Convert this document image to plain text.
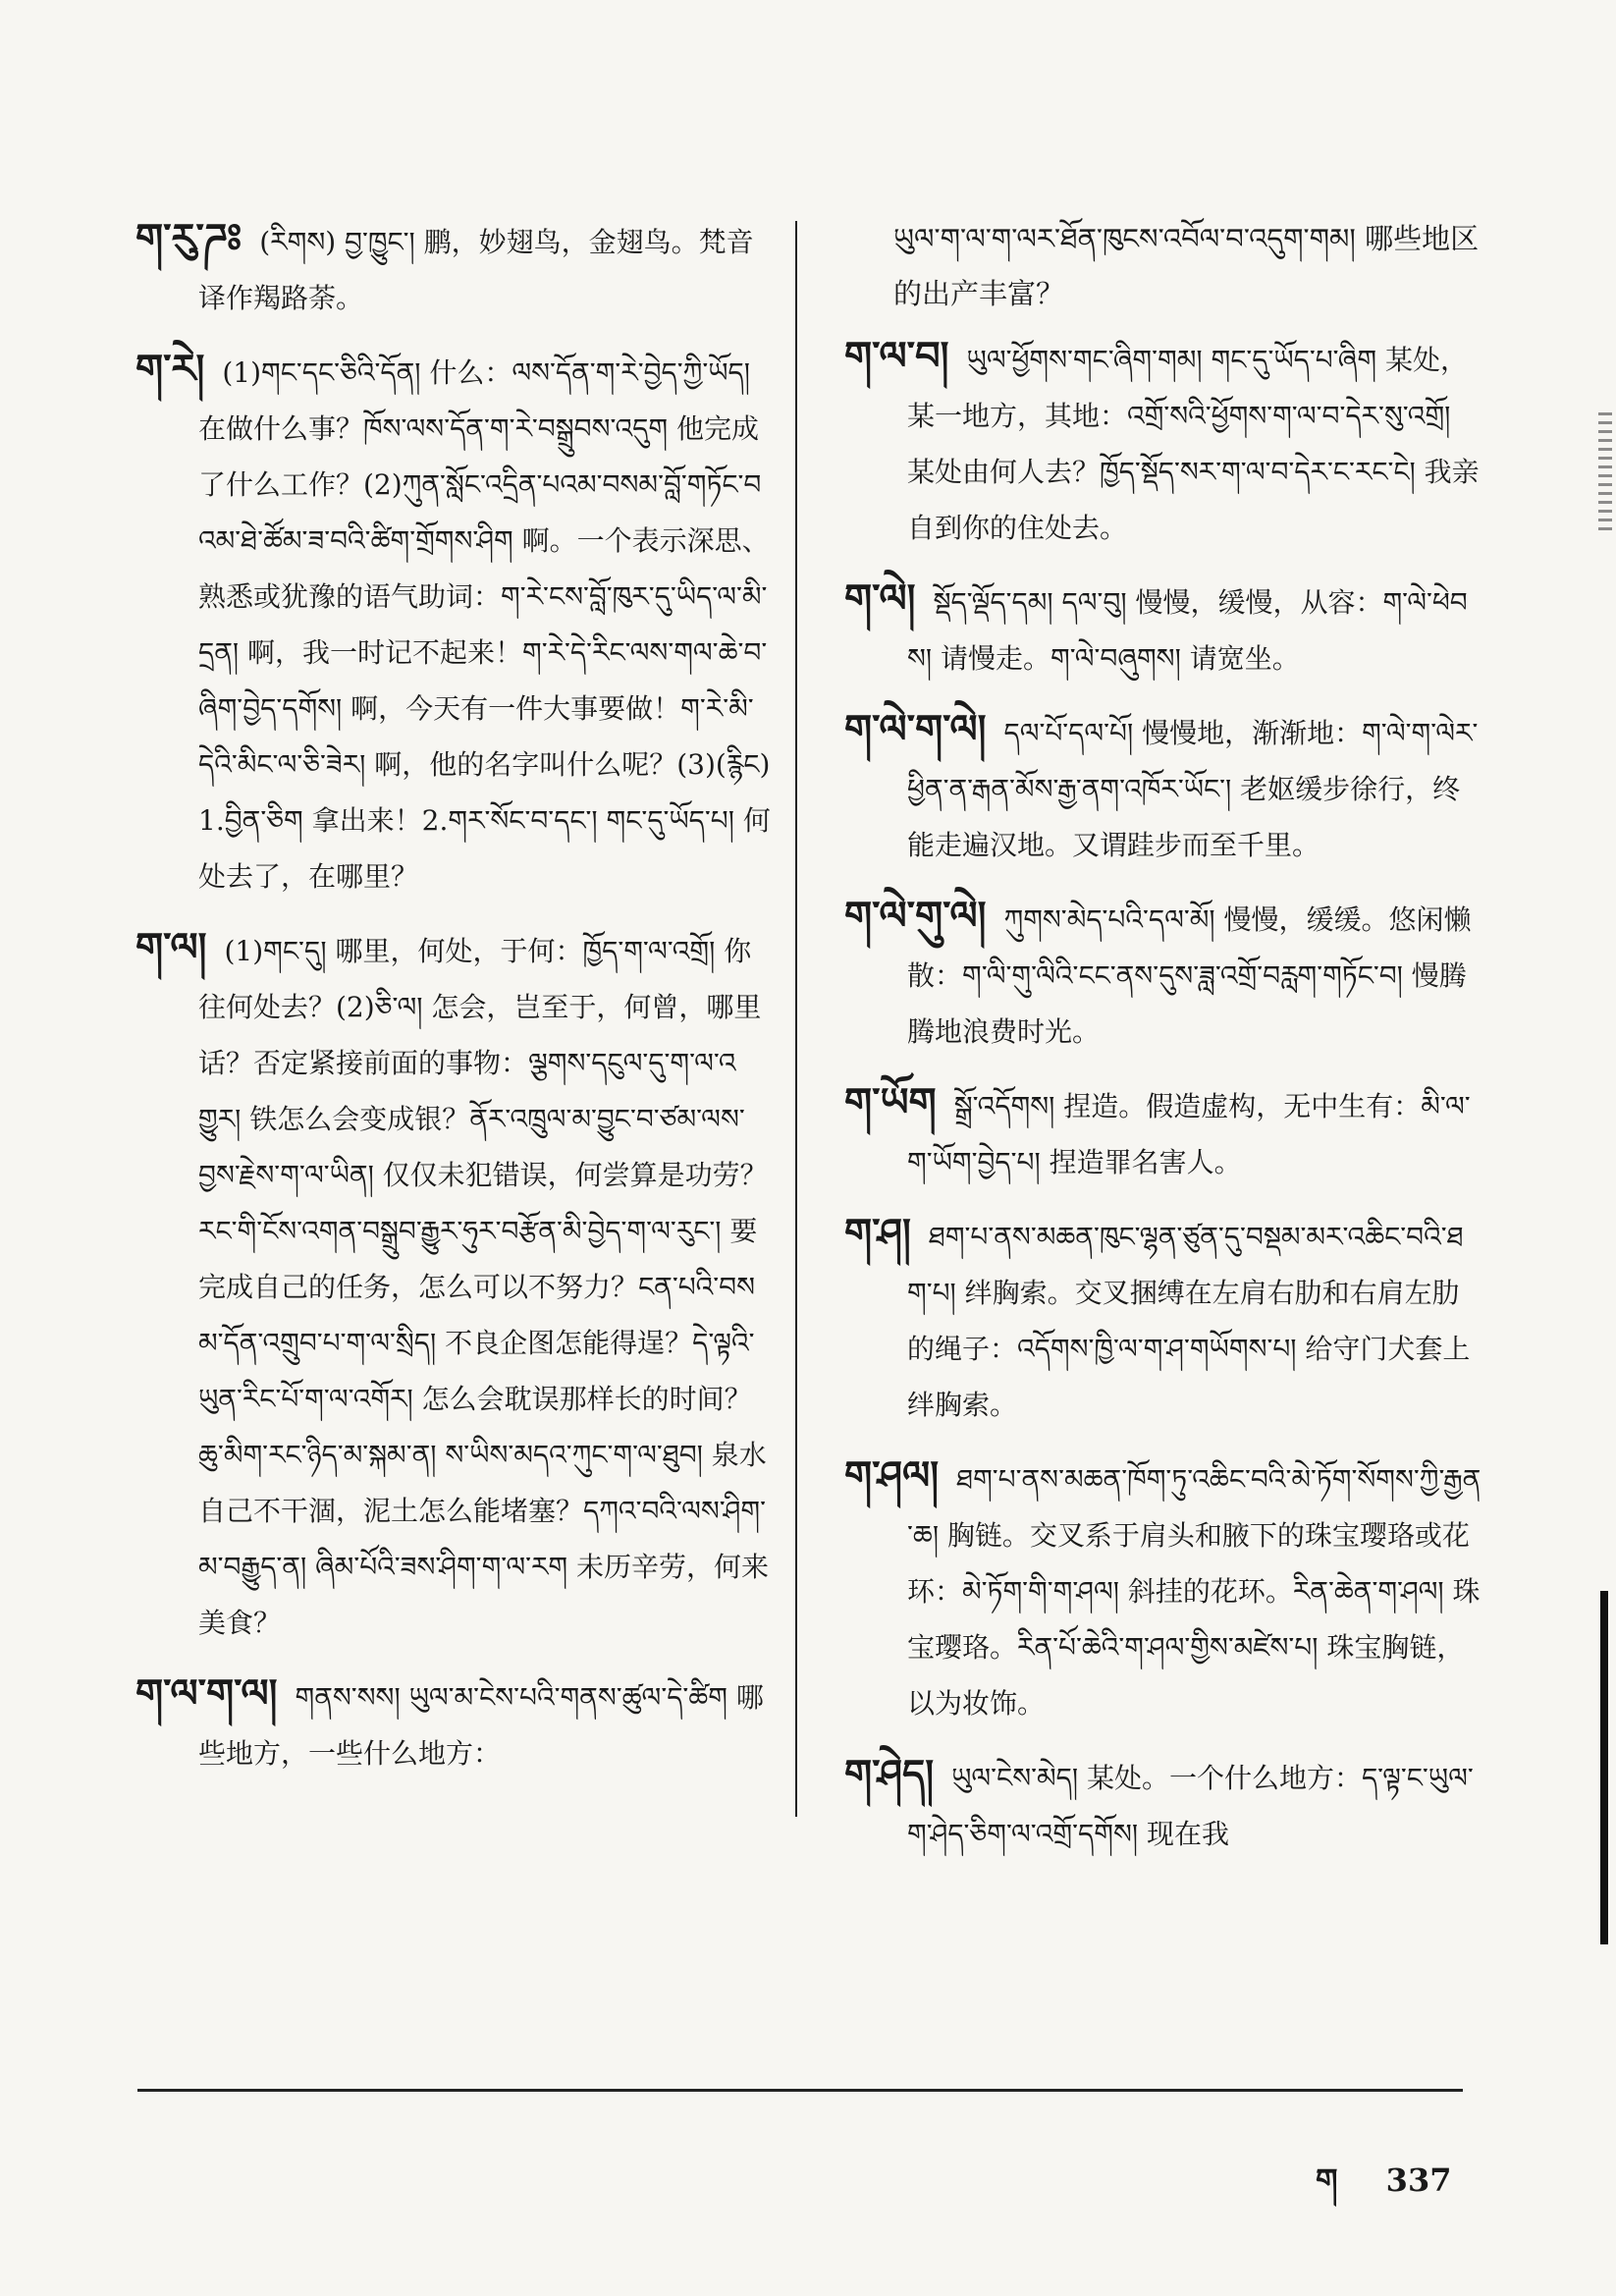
ག་རུ་ཌཿ (རིགས) བྱ་ཁྱུང་། 鹏，妙翅鸟，金翅鸟。梵音译作羯路荼。

ག་རེ། (1)གང་དང་ཅིའི་དོན། 什么：ལས་དོན་ག་རེ་བྱེད་ཀྱི་ཡོད། 在做什么事？ཁོས་ལས་དོན་ག་རེ་བསྒྲུབས་འདུག 他完成了什么工作？(2)ཀུན་སློང་འདྲིན་པའམ་བསམ་བློ་གཏོང་བའམ་ཐེ་ཚོམ་ཟ་བའི་ཚིག་གྲོགས་ཤིག 啊。一个表示深思、熟悉或犹豫的语气助词：ག་རེ་ངས་བློ་ཁུར་དུ་ཡིད་ལ་མི་དྲན། 啊，我一时记不起来！ག་རེ་དེ་རིང་ལས་གལ་ཆེ་བ་ཞིག་བྱེད་དགོས། 啊，今天有一件大事要做！ག་རེ་མི་དེའི་མིང་ལ་ཅི་ཟེར། 啊，他的名字叫什么呢？(3)(རྙིང) 1.བྱིན་ཅིག 拿出来！2.གར་སོང་བ་དང་། གང་དུ་ཡོད་པ། 何处去了，在哪里？

ག་ལ། (1)གང་དུ། 哪里，何处，于何：ཁྱོད་ག་ལ་འགྲོ། 你往何处去？(2)ཅི་ལ། 怎会，岂至于，何曾，哪里话？否定紧接前面的事物：ལྕགས་དངུལ་དུ་ག་ལ་འགྱུར། 铁怎么会变成银？ནོར་འཁྲུལ་མ་བྱུང་བ་ཙམ་ལས་བྱས་རྗེས་ག་ལ་ཡིན། 仅仅未犯错误，何尝算是功劳？རང་གི་ངོས་འགན་བསྒྲུབ་རྒྱུར་ཧུར་བརྩོན་མི་བྱེད་ག་ལ་རུང་། 要完成自己的任务，怎么可以不努力？ངན་པའི་བསམ་དོན་འགྲུབ་པ་ག་ལ་སྲིད། 不良企图怎能得逞？དེ་ལྟའི་ཡུན་རིང་པོ་ག་ལ་འགོར། 怎么会耽误那样长的时间？ཆུ་མིག་རང་ཉིད་མ་སྐམ་ན། ས་ཡིས་མདའ་ཀུང་ག་ལ་ཐུབ། 泉水自己不干涸，泥土怎么能堵塞？དཀའ་བའི་ལས་ཤིག་མ་བརྒྱུད་ན། ཞིམ་པོའི་ཟས་ཤིག་ག་ལ་རག 未历辛劳，何来美食？

ག་ལ་ག་ལ། གནས་སས། ཡུལ་མ་ངེས་པའི་གནས་ཚུལ་དེ་ཚིག 哪些地方，一些什么地方：

ཡུལ་ག་ལ་ག་ལར་ཐོན་ཁུངས་འབོལ་བ་འདུག་གམ། 哪些地区的出产丰富？

ག་ལ་བ། ཡུལ་ཕྱོགས་གང་ཞིག་གམ། གང་དུ་ཡོད་པ་ཞིག 某处，某一地方，其地：འགྲོ་སའི་ཕྱོགས་ག་ལ་བ་དེར་སུ་འགྲོ། 某处由何人去？ཁྱོད་སྡོད་སར་ག་ལ་བ་དེར་ང་རང་ངེ། 我亲自到你的住处去。

ག་ལེ། སྡོད་ལྡོད་དམ། དལ་བུ། 慢慢，缓慢，从容：ག་ལེ་ཕེབས། 请慢走。ག་ལེ་བཞུགས། 请宽坐。

ག་ལེ་ག་ལེ། དལ་པོ་དལ་པོ། 慢慢地，渐渐地：ག་ལེ་ག་ལེར་ཕྱིན་ན་རྒན་མོས་རྒྱ་ནག་འཁོར་ཡོང་། 老妪缓步徐行，终能走遍汉地。又谓跬步而至千里。

ག་ལེ་གུ་ལེ། ཀུགས་མེད་པའི་དལ་མོ། 慢慢，缓缓。悠闲懒散：ག་ལི་གུ་ལིའི་ངང་ནས་དུས་ཟླ་འགྲོ་བརླག་གཏོང་བ། 慢腾腾地浪费时光。

ག་ཡོག སྒྲོ་འདོགས། 捏造。假造虚构，无中生有：མི་ལ་ག་ཡོག་བྱེད་པ། 捏造罪名害人。

ག་ཤ། ཐག་པ་ནས་མཆན་ཁུང་ལྷན་ཙུན་དུ་བསྡམ་མར་འཆིང་བའི་ཐག་པ། 绊胸索。交叉捆缚在左肩右肋和右肩左肋的绳子：འདོགས་ཁྱི་ལ་ག་ཤ་གཡོགས་པ། 给守门犬套上绊胸索。

ག་ཤལ། ཐག་པ་ནས་མཆན་ཁོག་ཏུ་འཆིང་བའི་མེ་ཏོག་སོགས་ཀྱི་རྒྱན་ཆ། 胸链。交叉系于肩头和腋下的珠宝璎珞或花环：མེ་ཏོག་གི་ག་ཤལ། 斜挂的花环。རིན་ཆེན་ག་ཤལ། 珠宝璎珞。རིན་པོ་ཆེའི་ག་ཤལ་གྱིས་མཛེས་པ། 珠宝胸链，以为妆饰。

ག་ཤེད། ཡུལ་ངེས་མེད། 某处。一个什么地方：ད་ལྟ་ང་ཡུལ་ག་ཤེད་ཅིག་ལ་འགྲོ་དགོས། 现在我

ག 337
